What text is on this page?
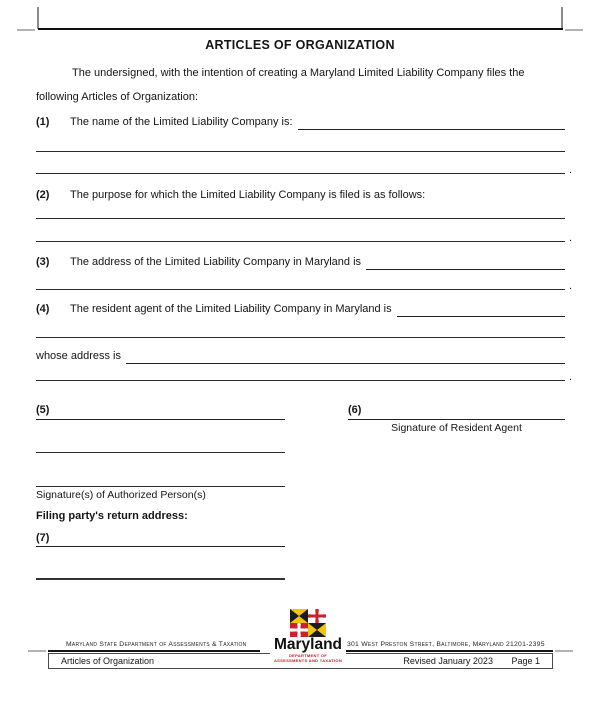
ARTICLES OF ORGANIZATION
The undersigned, with the intention of creating a Maryland Limited Liability Company files the
following Articles of Organization:
(1)	The name of the Limited Liability Company is:
.
(2)	The purpose for which the Limited Liability Company is filed is as follows:
.
(3)	The address of the Limited Liability Company in Maryland is
.
(4)	The resident agent of the Limited Liability Company in Maryland is
whose address is
.
(5)	(6)
Signature of Resident Agent
Signature(s) of Authorized Person(s)
Filing party's return address:
(7)
Maryland State Department of Assessments & Taxation	301 West Preston Street, Baltimore, Maryland 21201-2395
Articles of Organization	Revised January 2023 Page 1
Maryland
DEPARTMENT OF
ASSESSMENTS AND TAXATION
